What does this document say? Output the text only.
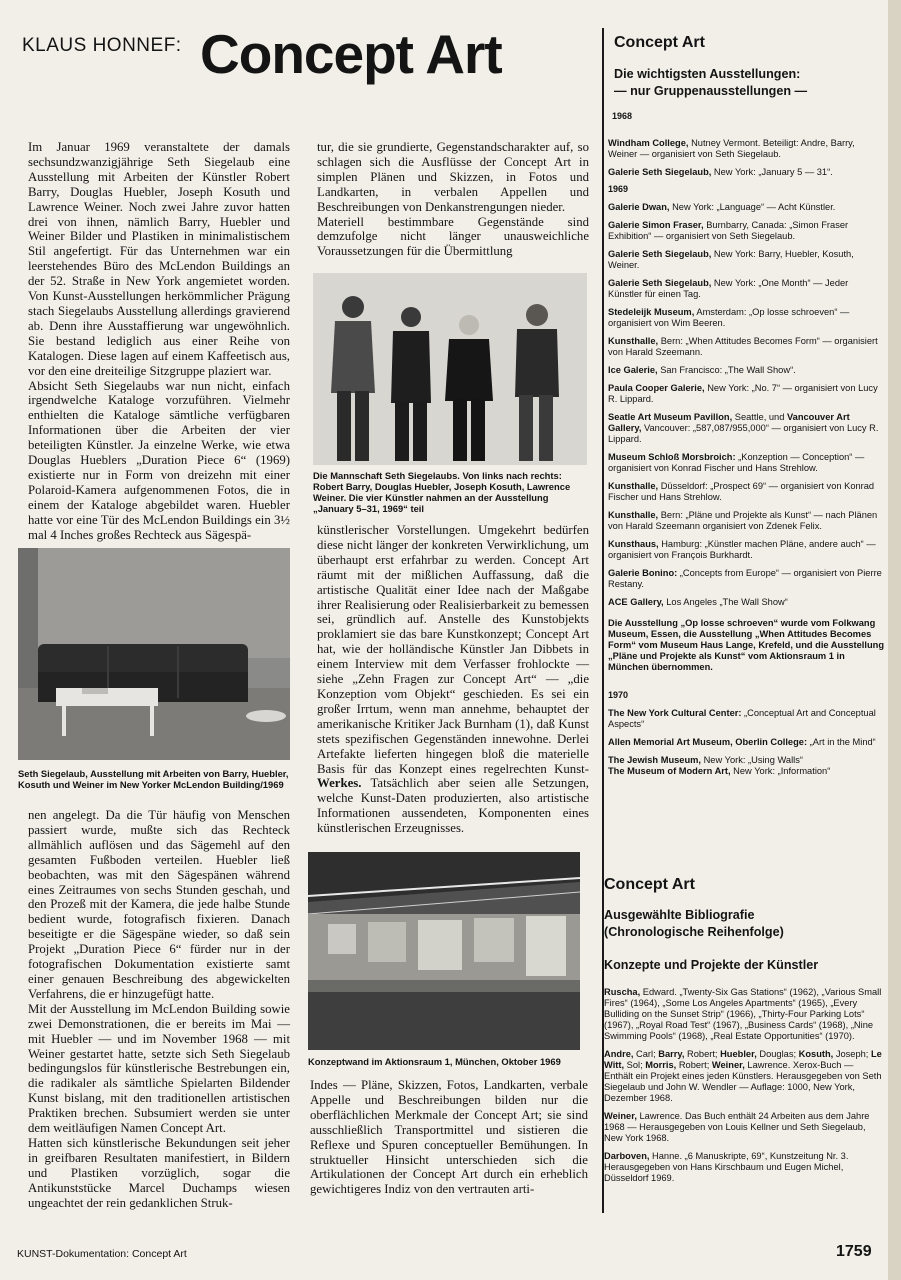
KLAUS HONNEF: Concept Art

Im Januar 1969 veranstaltete der damals sechsundzwanzigjährige Seth Siegelaub eine Ausstellung mit Arbeiten der Künstler Robert Barry, Douglas Huebler, Joseph Kosuth und Lawrence Weiner. Noch zwei Jahre zuvor hatten drei von ihnen, nämlich Barry, Huebler und Weiner Bilder und Plastiken in minimalistischem Stil angefertigt. Für das Unternehmen war ein leerstehendes Büro des McLendon Buildings an der 52. Straße in New York angemietet worden. Von Kunst-Ausstellungen herkömmlicher Prägung stach Siegelaubs Ausstellung allerdings gravierend ab. Denn ihre Ausstaffierung war ungewöhnlich. Sie bestand lediglich aus einer Reihe von Katalogen. Diese lagen auf einem Kaffeetisch aus, vor den eine dreiteilige Sitzgruppe plaziert war.

Absicht Seth Siegelaubs war nun nicht, einfach irgendwelche Kataloge vorzuführen. Vielmehr enthielten die Kataloge sämtliche verfügbaren Informationen über die Arbeiten der vier beteiligten Künstler. Ja einzelne Werke, wie etwa Douglas Hueblers „Duration Piece 6“ (1969) existierte nur in Form von dreizehn mit einer Polaroid-Kamera aufgenommenen Fotos, die in einem der Kataloge abgebildet waren. Huebler hatte vor eine Tür des McLendon Buildings ein 3½ mal 4 Inches großes Rechteck aus Sägespä-

Seth Siegelaub, Ausstellung mit Arbeiten von Barry, Huebler, Kosuth und Weiner im New Yorker McLendon Building/1969

nen angelegt. Da die Tür häufig von Menschen passiert wurde, mußte sich das Rechteck allmählich auflösen und das Sägemehl auf den gesamten Fußboden verteilen. Huebler ließ beobachten, was mit den Sägespänen während eines Zeitraumes von sechs Stunden geschah, und den Prozeß mit der Kamera, die jede halbe Stunde bedient wurde, fotografisch fixieren. Danach beseitigte er die Sägespäne wieder, so daß sein Projekt „Duration Piece 6“ fürder nur in der fotografischen Dokumentation existierte samt einer genauen Beschreibung des abgewickelten Verfahrens, die er hinzugefügt hatte.

Mit der Ausstellung im McLendon Building sowie zwei Demonstrationen, die er bereits im Mai — mit Huebler — und im November 1968 — mit Weiner gestartet hatte, setzte sich Seth Siegelaub bedingungslos für künstlerische Bestrebungen ein, die radikaler als sämtliche Spielarten Bildender Kunst bislang, mit den traditionellen artistischen Praktiken brechen. Subsumiert werden sie unter dem weitläufigen Namen Concept Art.

Hatten sich künstlerische Bekundungen seit jeher in greifbaren Resultaten manifestiert, in Bildern und Plastiken vorzüglich, sogar die Antikunststücke Marcel Duchamps wiesen ungeachtet der rein gedanklichen Struk-

tur, die sie grundierte, Gegenstandscharakter auf, so schlagen sich die Ausflüsse der Concept Art in simplen Plänen und Skizzen, in Fotos und Landkarten, in verbalen Appellen und Beschreibungen von Denkanstrengungen nieder.

Materiell bestimmbare Gegenstände sind demzufolge nicht länger unausweichliche Voraussetzungen für die Übermittlung

Die Mannschaft Seth Siegelaubs. Von links nach rechts: Robert Barry, Douglas Huebler, Joseph Kosuth, Lawrence Weiner. Die vier Künstler nahmen an der Ausstellung „January 5–31, 1969“ teil

künstlerischer Vorstellungen. Umgekehrt bedürfen diese nicht länger der konkreten Verwirklichung, um überhaupt erst erfahrbar zu werden. Concept Art räumt mit der mißlichen Auffassung, daß die artistische Qualität einer Idee nach der Maßgabe ihrer Realisierung oder Realisierbarkeit zu bemessen sei, gründlich auf. Anstelle des Kunstobjekts proklamiert sie das bare Kunstkonzept; Concept Art hat, wie der holländische Künstler Jan Dibbets in einem Interview mit dem Verfasser frohlockte — siehe „Zehn Fragen zur Concept Art“ — „die Konzeption vom Objekt“ geschieden. Es sei ein großer Irrtum, wenn man annehme, behauptet der amerikanische Kritiker Jack Burnham (1), daß Kunst stets spezifischen Gegenständen innewohne. Derlei Artefakte lieferten hingegen bloß die materielle Basis für das Konzept eines regelrechten Kunst- Werkes. Tatsächlich aber seien alle Setzungen, welche Kunst-Daten produzierten, also artistische Informationen aussendeten, Komponenten eines künstlerischen Erzeugnisses.

Konzeptwand im Aktionsraum 1, München, Oktober 1969

Indes — Pläne, Skizzen, Fotos, Landkarten, verbale Appelle und Beschreibungen bilden nur die oberflächlichen Merkmale der Concept Art; sie sind ausschließlich Transportmittel und sistieren die Reflexe und Spuren conceptueller Bemühungen. In struktueller Hinsicht unterschieden sich die Artikulationen der Concept Art durch ein erheblich gewichtigeres Indiz von den vertrauten arti-

Concept Art
Die wichtigsten Ausstellungen:
— nur Gruppenausstellungen —
1968

Windham College, Nutney Vermont. Beteiligt: Andre, Barry, Weiner — organisiert von Seth Siegelaub.

Galerie Seth Siegelaub, New York: „January 5 — 31“.

1969

Galerie Dwan, New York: „Language“ — Acht Künstler.

Galerie Simon Fraser, Burnbarry, Canada: „Simon Fraser Exhibition“ — organisiert von Seth Siegelaub.

Galerie Seth Siegelaub, New York: Barry, Huebler, Kosuth, Weiner.

Galerie Seth Siegelaub, New York: „One Month“ — Jeder Künstler für einen Tag.

Stedeleijk Museum, Amsterdam: „Op losse schroeven“ — organisiert von Wim Beeren.

Kunsthalle, Bern: „When Attitudes Becomes Form“ — organisiert von Harald Szeemann.

Ice Galerie, San Francisco: „The Wall Show“.

Paula Cooper Galerie, New York: „No. 7“ — organisiert von Lucy R. Lippard.

Seatle Art Museum Pavillon, Seattle, und Vancouver Art Gallery, Vancouver: „587,087/955,000“ — organisiert von Lucy R. Lippard.

Museum Schloß Morsbroich: „Konzeption — Conception“ — organisiert von Konrad Fischer und Hans Strehlow.

Kunsthalle, Düsseldorf: „Prospect 69“ — organisiert von Konrad Fischer und Hans Strehlow.

Kunsthalle, Bern: „Pläne und Projekte als Kunst“ — nach Plänen von Harald Szeemann organisiert von Zdenek Felix.

Kunsthaus, Hamburg: „Künstler machen Pläne, andere auch“ — organisiert von François Burkhardt.

Galerie Bonino: „Concepts from Europe“ — organisiert von Pierre Restany.

ACE Gallery, Los Angeles „The Wall Show“

Die Ausstellung „Op losse schroeven“ wurde vom Folkwang Museum, Essen, die Ausstellung „When Attitudes Becomes Form“ vom Museum Haus Lange, Krefeld, und die Ausstellung „Pläne und Projekte als Kunst“ vom Aktionsraum 1 in München übernommen.

1970

The New York Cultural Center: „Conceptual Art and Conceptual Aspects“

Allen Memorial Art Museum, Oberlin College: „Art in the Mind“

The Jewish Museum, New York: „Using Walls“

The Museum of Modern Art, New York: „Information“

Concept Art
Ausgewählte Bibliografie
(Chronologische Reihenfolge)
Konzepte und Projekte der Künstler

Ruscha, Edward. „Twenty-Six Gas Stations“ (1962), „Various Small Fires“ (1964), „Some Los Angeles Apartments“ (1965), „Every Bulliding on the Sunset Strip“ (1966), „Thirty-Four Parking Lots“ (1967), „Royal Road Test“ (1967), „Business Cards“ (1968), „Nine Swimming Pools“ (1968), „Real Estate Opportunities“ (1970).

Andre, Carl; Barry, Robert; Huebler, Douglas; Kosuth, Joseph; Le Witt, Sol; Morris, Robert; Weiner, Lawrence. Xerox-Buch — Enthält ein Projekt eines jeden Künstlers. Herausgegeben von Seth Siegelaub und John W. Wendler — Auflage: 1000, New York, Dezember 1968.

Weiner, Lawrence. Das Buch enthält 24 Arbeiten aus dem Jahre 1968 — Herausgegeben von Louis Kellner und Seth Siegelaub, New York 1968.

Darboven, Hanne. „6 Manuskripte, 69“, Kunstzeitung Nr. 3. Herausgegeben von Hans Kirschbaum und Eugen Michel, Düsseldorf 1969.

KUNST-Dokumentation: Concept Art	1759
